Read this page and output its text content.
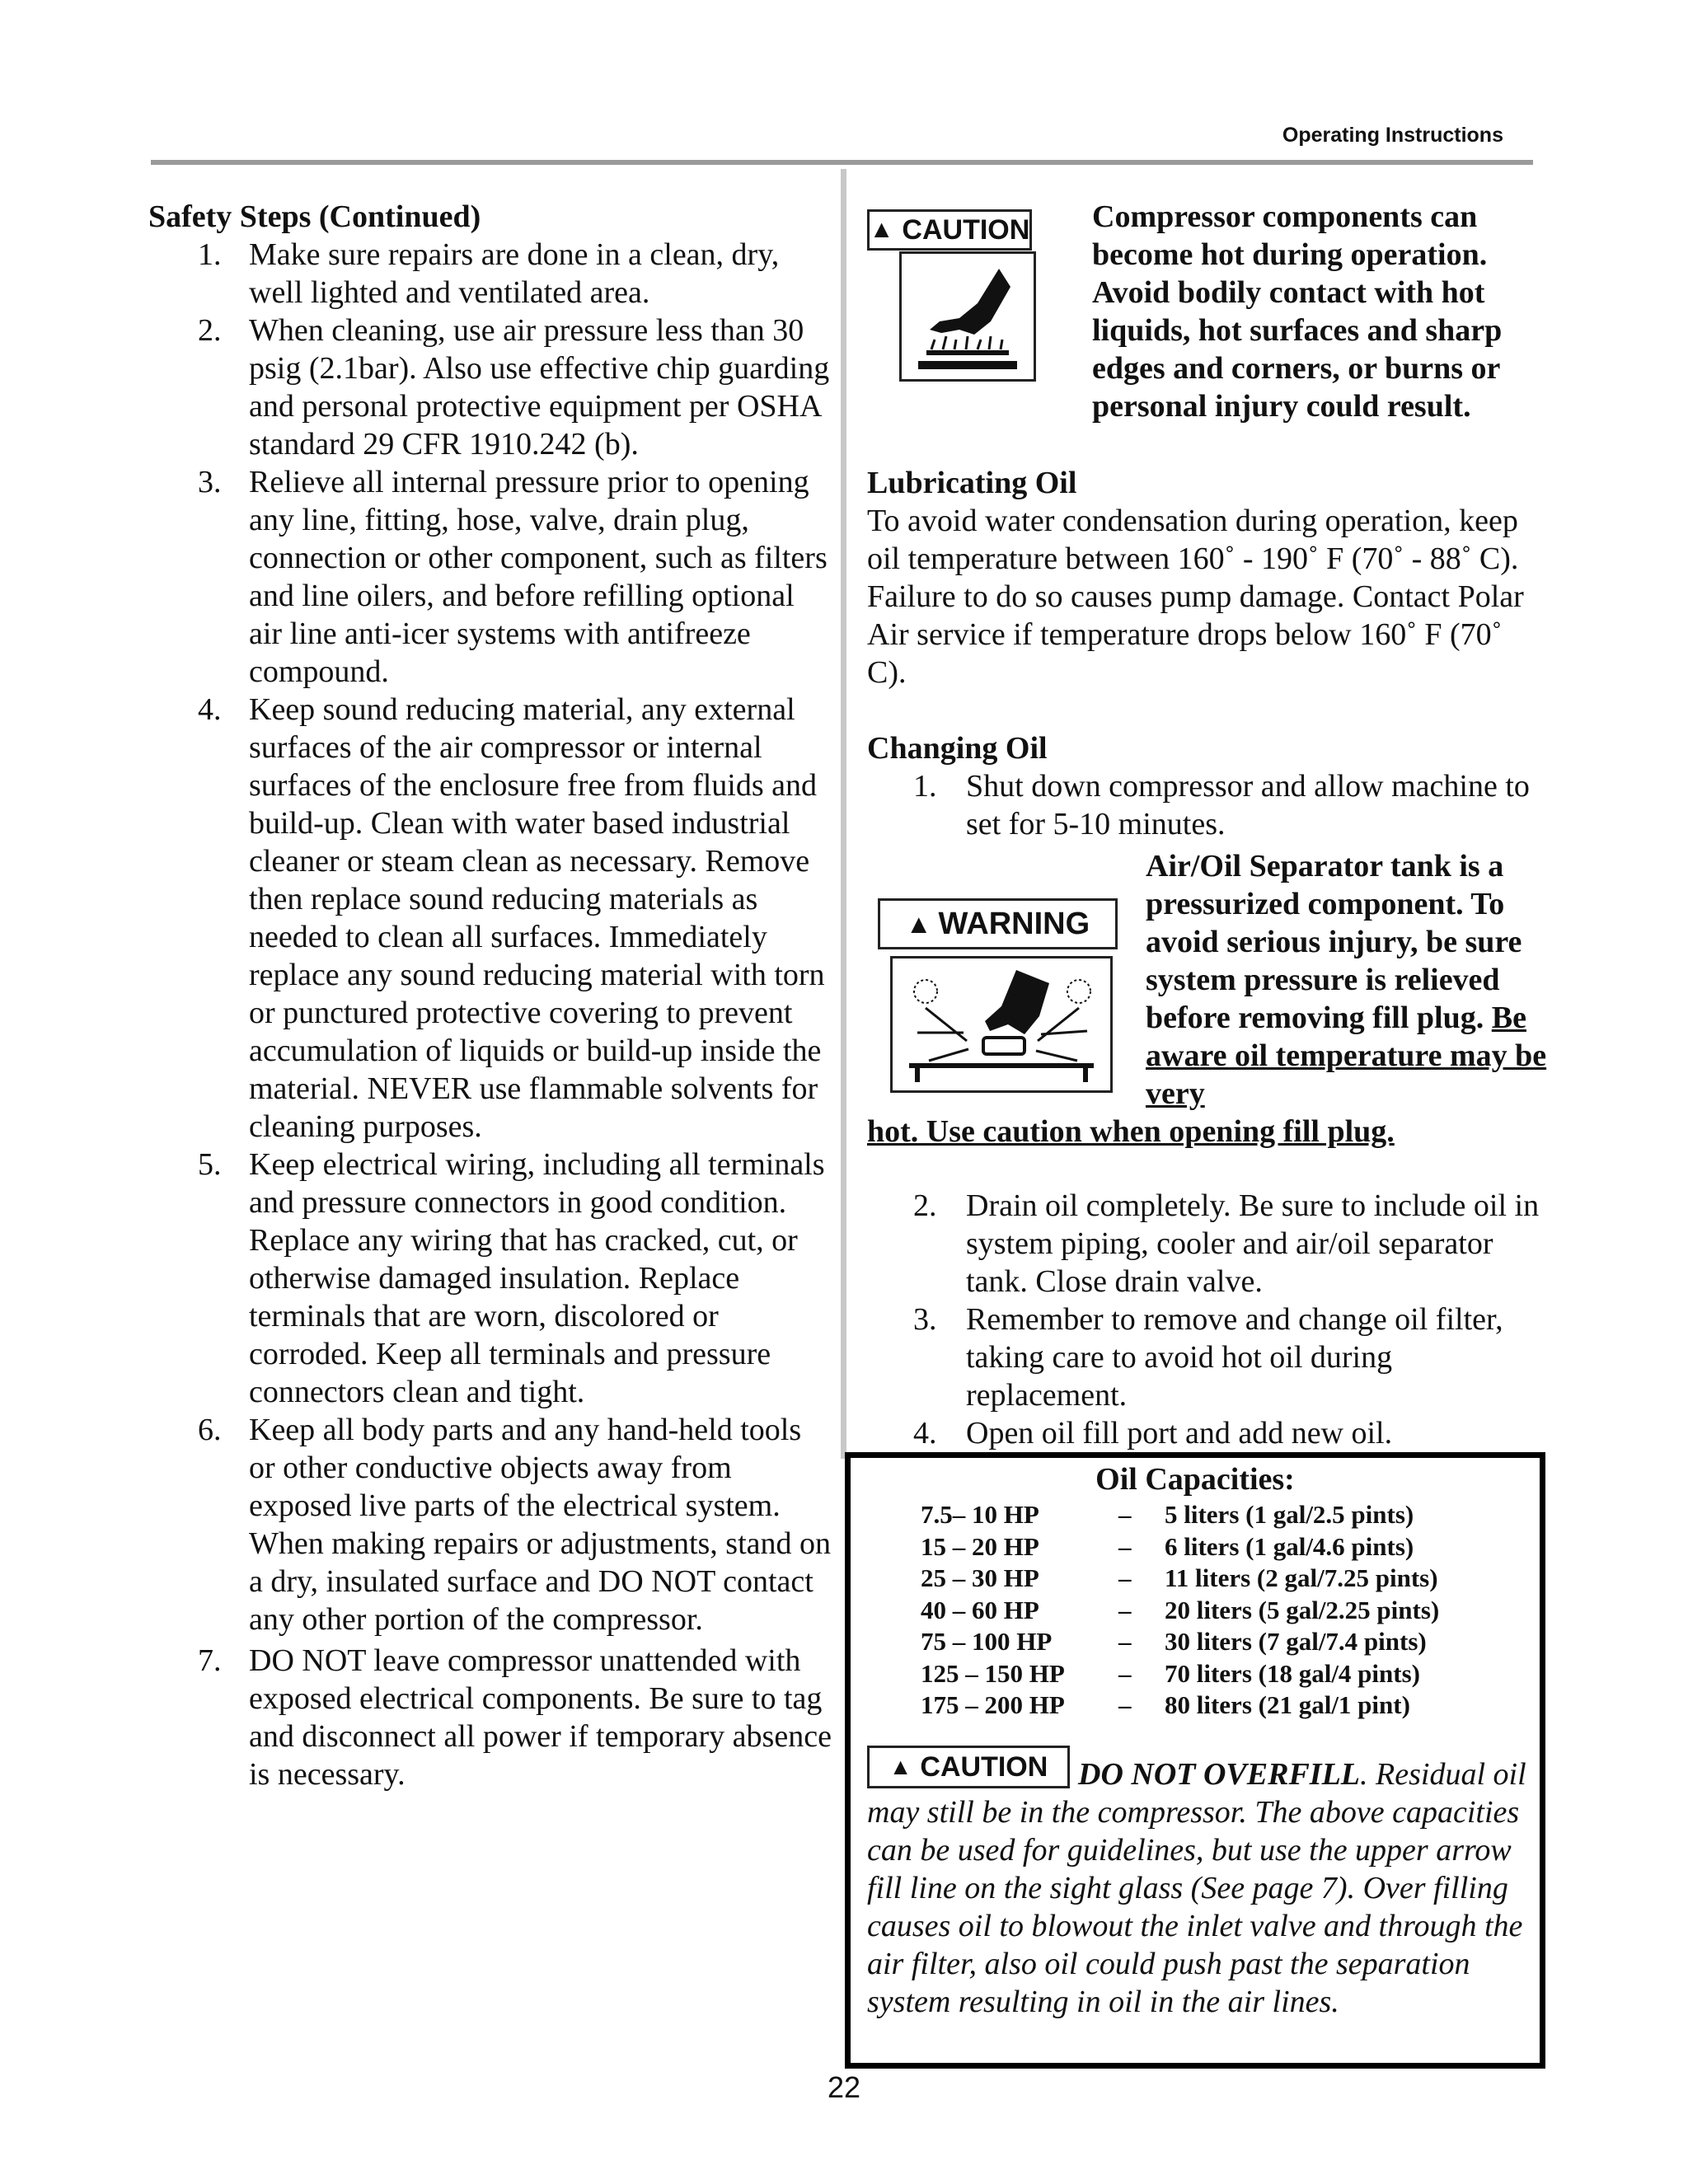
Operating Instructions
Safety Steps (Continued)
1. Make sure repairs are done in a clean, dry, well lighted and ventilated area.
2. When cleaning, use air pressure less than 30 psig (2.1bar). Also use effective chip guarding and personal protective equipment per OSHA standard 29 CFR 1910.242 (b).
3. Relieve all internal pressure prior to opening any line, fitting, hose, valve, drain plug, connection or other component, such as filters and line oilers, and before refilling optional air line anti-icer systems with antifreeze compound.
4. Keep sound reducing material, any external surfaces of the air compressor or internal surfaces of the enclosure free from fluids and build-up. Clean with water based industrial cleaner or steam clean as necessary. Remove then replace sound reducing materials as needed to clean all surfaces. Immediately replace any sound reducing material with torn or punctured protective covering to prevent accumulation of liquids or build-up inside the material. NEVER use flammable solvents for cleaning purposes.
5. Keep electrical wiring, including all terminals and pressure connectors in good condition. Replace any wiring that has cracked, cut, or otherwise damaged insulation. Replace terminals that are worn, discolored or corroded. Keep all terminals and pressure connectors clean and tight.
6. Keep all body parts and any hand-held tools or other conductive objects away from exposed live parts of the electrical system. When making repairs or adjustments, stand on a dry, insulated surface and DO NOT contact any other portion of the compressor.
7. DO NOT leave compressor unattended with exposed electrical components. Be sure to tag and disconnect all power if temporary absence is necessary.
▲ CAUTION Compressor components can become hot during operation. Avoid bodily contact with hot liquids, hot surfaces and sharp edges and corners, or burns or personal injury could result.
Lubricating Oil
To avoid water condensation during operation, keep oil temperature between 160˚ - 190˚ F (70˚ - 88˚ C). Failure to do so causes pump damage. Contact Polar Air service if temperature drops below 160˚ F (70˚ C).
Changing Oil
1. Shut down compressor and allow machine to set for 5-10 minutes.
▲ WARNING
Air/Oil Separator tank is a pressurized component. To avoid serious injury, be sure system pressure is relieved before removing fill plug. Be aware oil temperature may be very
hot. Use caution when opening fill plug.
2. Drain oil completely. Be sure to include oil in system piping, cooler and air/oil separator tank. Close drain valve.
3. Remember to remove and change oil filter, taking care to avoid hot oil during replacement.
4. Open oil fill port and add new oil.
Oil Capacities:
7.5– 10 HP	–	5 liters (1 gal/2.5 pints)
15 – 20 HP	–	6 liters (1 gal/4.6 pints)
25 – 30 HP	–	11 liters (2 gal/7.25 pints)
40 – 60 HP	–	20 liters (5 gal/2.25 pints)
75 – 100 HP	–	30 liters (7 gal/7.4 pints)
125 – 150 HP	–	70 liters (18 gal/4 pints)
175 – 200 HP	–	80 liters (21 gal/1 pint)
▲ CAUTION DO NOT OVERFILL. Residual oil may still be in the compressor. The above capacities can be used for guidelines, but use the upper arrow fill line on the sight glass (See page 7). Over filling causes oil to blowout the inlet valve and through the air filter, also oil could push past the separation system resulting in oil in the air lines.
22
